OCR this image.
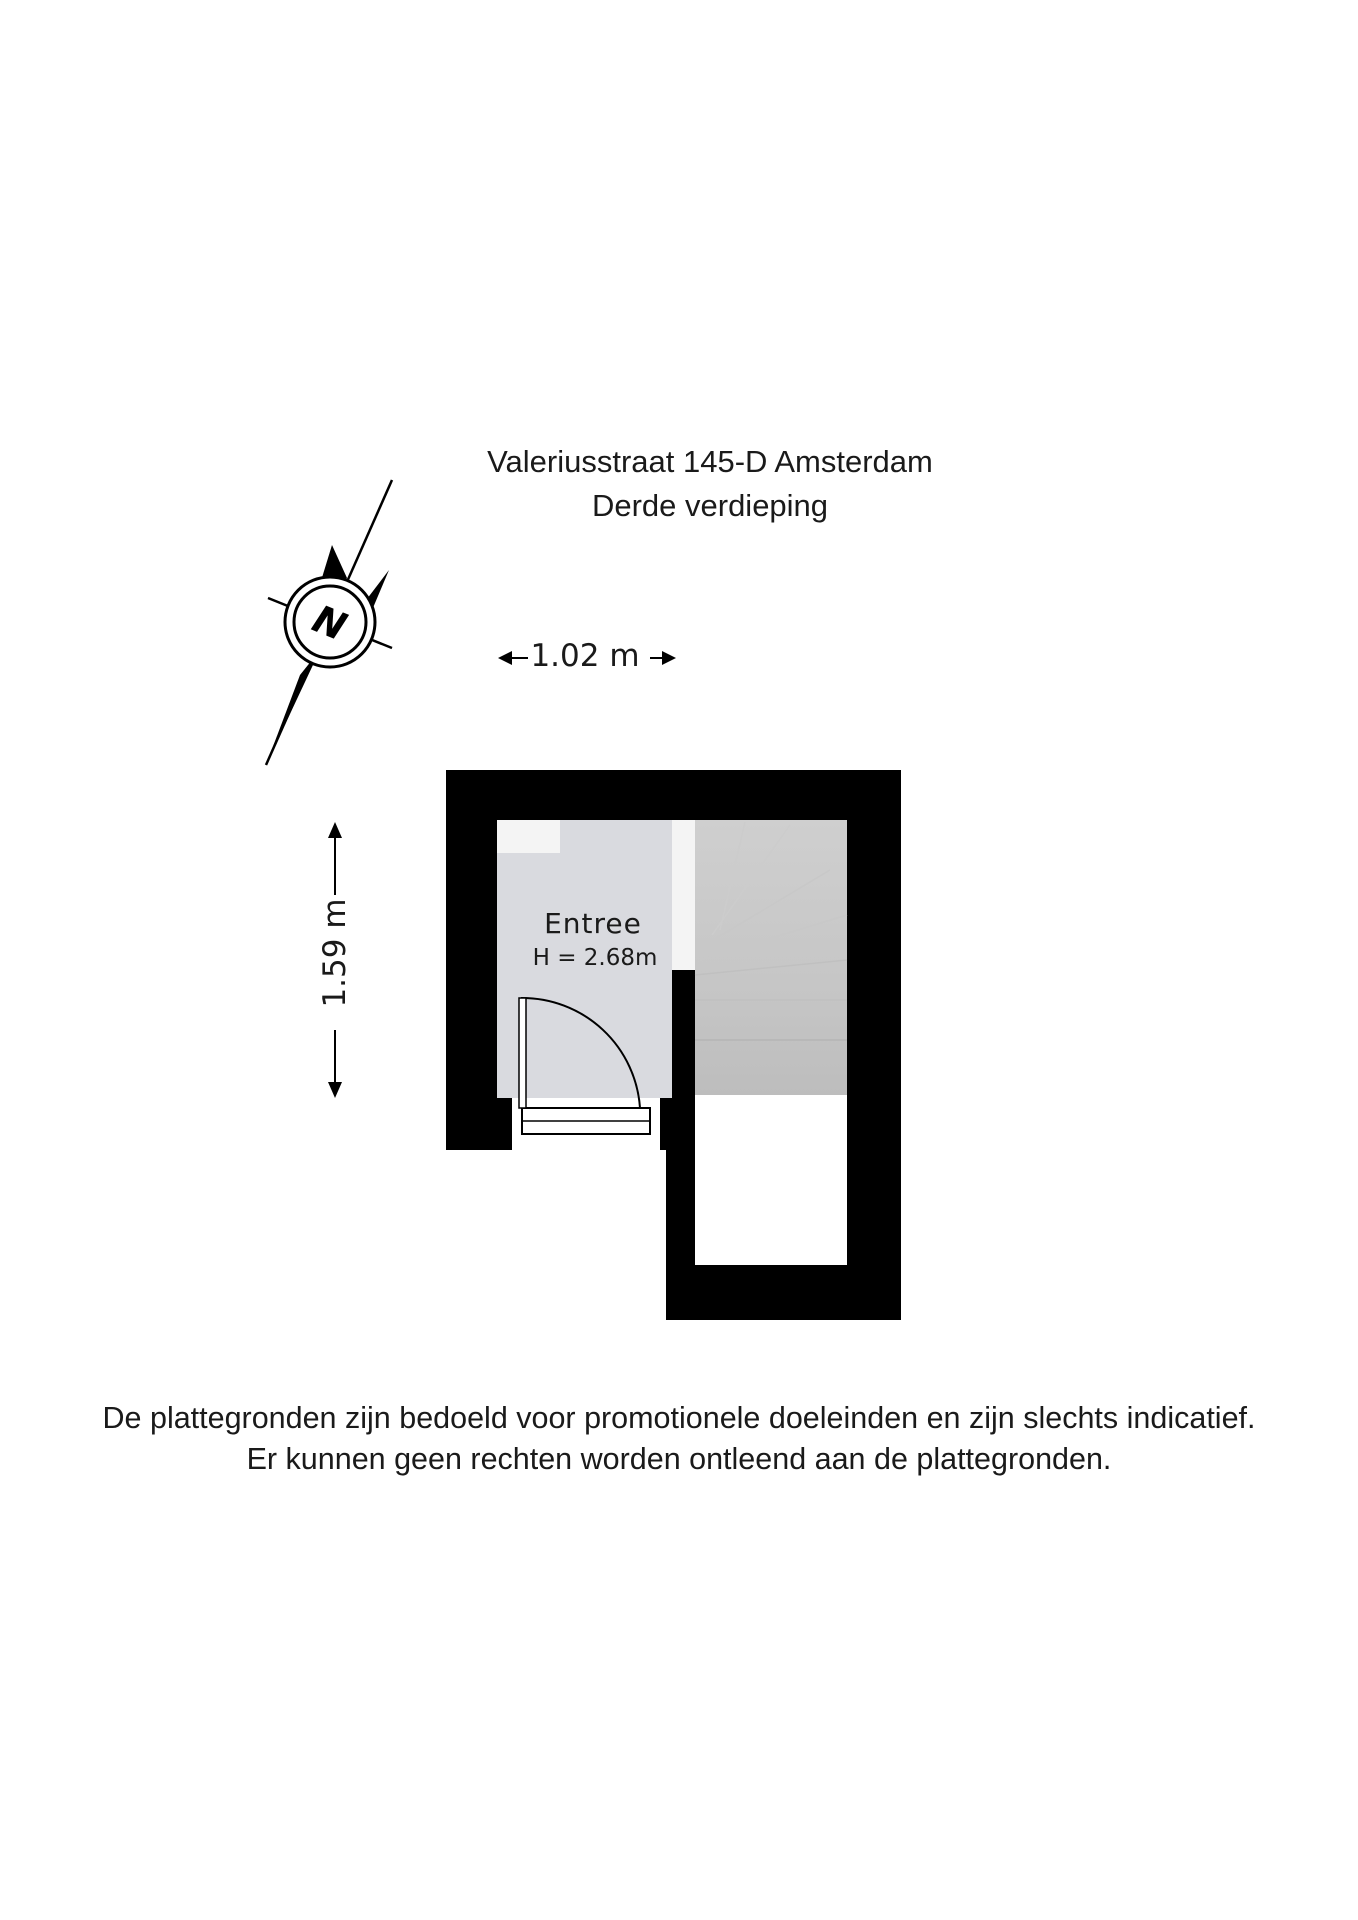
Valeriusstraat 145-D Amsterdam
Derde verdieping
N
1.02 m
1.59 m	Entree
H = 2.68m
De plattegronden zijn bedoeld voor promotionele doeleinden en zijn slechts indicatief.
Er kunnen geen rechten worden ontleend aan de plattegronden.
